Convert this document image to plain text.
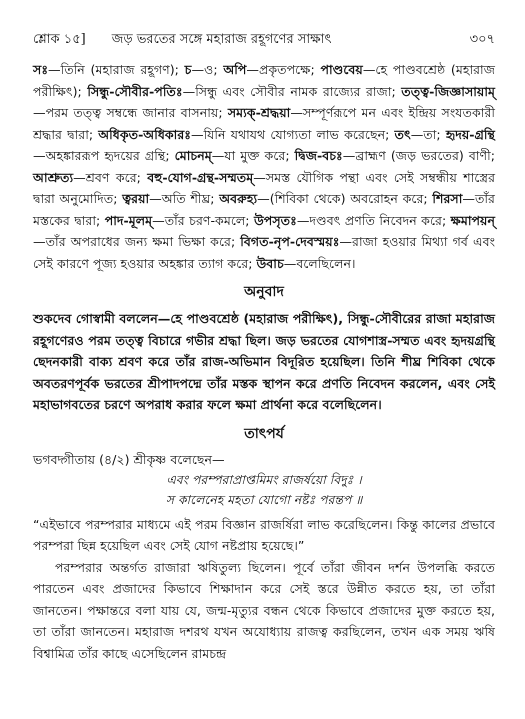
শ্লোক ১৫] জড় ভরতের সঙ্গে মহারাজ রহূগণের সাক্ষাৎ	৩০৭

সঃ—তিনি (মহারাজ রহূগণ); চ—ও; অপি—প্রকৃতপক্ষে; পাণ্ডবেয়—হে পাণ্ডবশ্রেষ্ঠ (মহারাজ পরীক্ষিৎ); সিন্ধু-সৌবীর-পতিঃ—সিন্ধু এবং সৌবীর নামক রাজ্যের রাজা; তত্ত্ব-জিজ্ঞাসায়াম্—পরম তত্ত্ব সম্বন্ধে জানার বাসনায়; সম্যক্-শ্রদ্ধয়া—সম্পূর্ণরূপে মন এবং ইন্দ্রিয় সংযতকারী শ্রদ্ধার দ্বারা; অধিকৃত-অধিকারঃ—যিনি যথাযথ যোগ্যতা লাভ করেছেন; তৎ—তা; হৃদয়-গ্রন্থি—অহঙ্কাররূপ হৃদয়ের গ্রন্থি; মোচনম্—যা মুক্ত করে; দ্বিজ-বচঃ—ব্রাহ্মণ (জড় ভরতের) বাণী; আশ্রুত্য—শ্রবণ করে; বহু-যোগ-গ্রন্থ-সম্মতম্—সমস্ত যৌগিক পন্থা এবং সেই সম্বন্ধীয় শাস্ত্রের দ্বারা অনুমোদিত; ত্বরয়া—অতি শীঘ্র; অবরুহ্য—(শিবিকা থেকে) অবরোহন করে; শিরসা—তাঁর মস্তকের দ্বারা; পাদ-মূলম্—তাঁর চরণ-কমলে; উপসৃতঃ—দণ্ডবৎ প্রণতি নিবেদন করে; ক্ষমাপয়ন্—তাঁর অপরাধের জন্য ক্ষমা ভিক্ষা করে; বিগত-নৃপ-দেবস্ময়ঃ—রাজা হওয়ার মিথ্যা গর্ব এবং সেই কারণে পূজ্য হওয়ার অহঙ্কার ত্যাগ করে; উবাচ—বলেছিলেন।

অনুবাদ

শুকদেব গোস্বামী বললেন—হে পাণ্ডবশ্রেষ্ঠ (মহারাজ পরীক্ষিৎ), সিন্ধু-সৌবীরের রাজা মহারাজ রহূগণেরও পরম তত্ত্ব বিচারে গভীর শ্রদ্ধা ছিল। জড় ভরতের যোগশাস্ত্র-সম্মত এবং হৃদয়গ্রন্থি ছেদনকারী বাক্য শ্রবণ করে তাঁর রাজ-অভিমান বিদূরিত হয়েছিল। তিনি শীঘ্র শিবিকা থেকে অবতরণপূর্বক ভরতের শ্রীপাদপদ্মে তাঁর মস্তক স্থাপন করে প্রণতি নিবেদন করলেন, এবং সেই মহাভাগবতের চরণে অপরাধ করার ফলে ক্ষমা প্রার্থনা করে বলেছিলেন।

তাৎপর্য

ভগবদ্গীতায় (৪/২) শ্রীকৃষ্ণ বলেছেন—

এবং পরম্পরাপ্রাপ্তমিমং রাজর্ষয়ো বিদুঃ ।

স কালেনেহ মহতা যোগো নষ্টঃ পরন্তপ ॥

“এইভাবে পরম্পরার মাধ্যমে এই পরম বিজ্ঞান রাজর্ষিরা লাভ করেছিলেন। কিন্তু কালের প্রভাবে পরম্পরা ছিন্ন হয়েছিল এবং সেই যোগ নষ্টপ্রায় হয়েছে।”

পরম্পরার অন্তর্গত রাজারা ঋষিতুল্য ছিলেন। পূর্বে তাঁরা জীবন দর্শন উপলব্ধি করতে পারতেন এবং প্রজাদের কিভাবে শিক্ষাদান করে সেই স্তরে উন্নীত করতে হয়, তা তাঁরা জানতেন। পক্ষান্তরে বলা যায় যে, জন্ম-মৃত্যুর বন্ধন থেকে কিভাবে প্রজাদের মুক্ত করতে হয়, তা তাঁরা জানতেন। মহারাজ দশরথ যখন অযোধ্যায় রাজত্ব করছিলেন, তখন এক সময় ঋষি বিশ্বামিত্র তাঁর কাছে এসেছিলেন রামচন্দ্র
